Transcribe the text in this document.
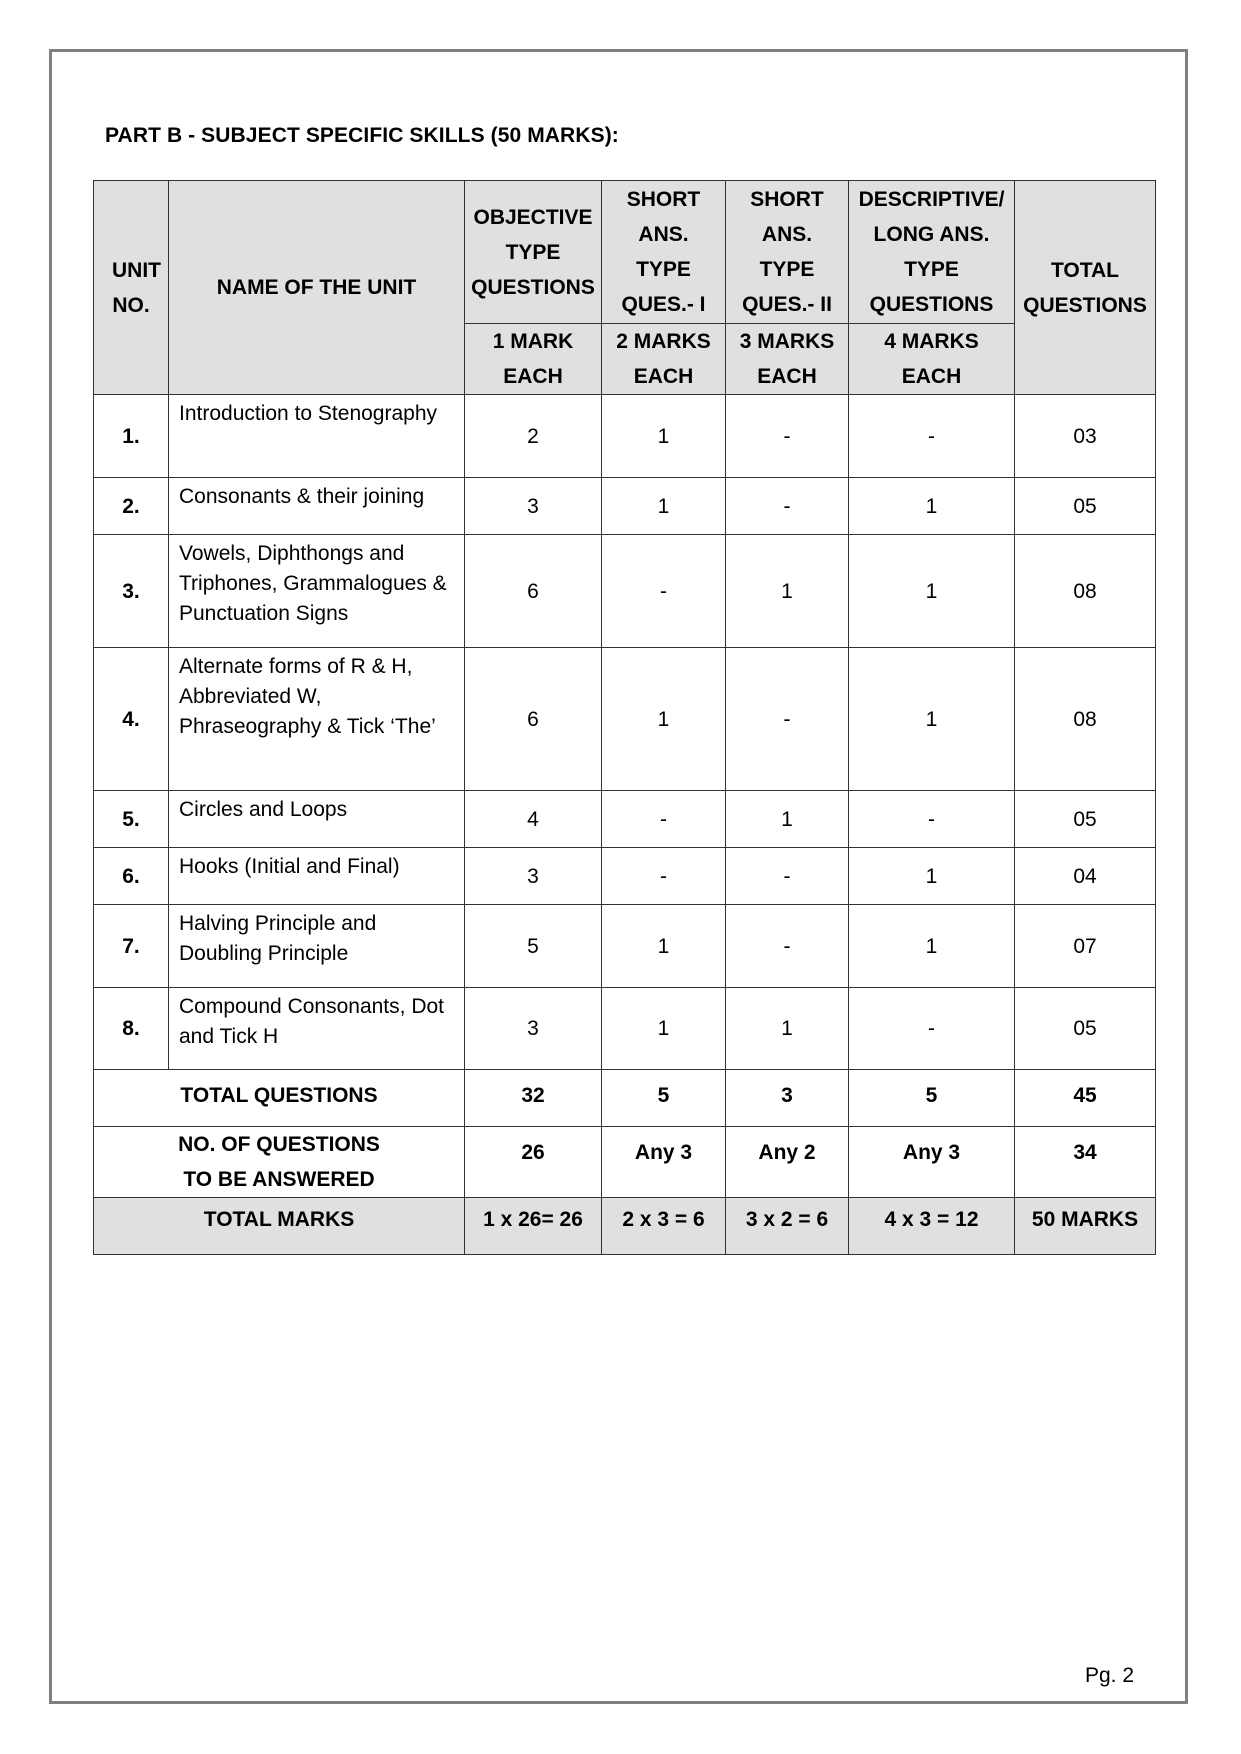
PART B - SUBJECT SPECIFIC SKILLS (50 MARKS):
UNIT NO.	NAME OF THE UNIT	OBJECTIVE TYPE QUESTIONS	SHORT ANS. TYPE QUES.- I	SHORT ANS. TYPE QUES.- II	DESCRIPTIVE/ LONG ANS. TYPE QUESTIONS	TOTAL QUESTIONS
		1 MARK EACH	2 MARKS EACH	3 MARKS EACH	4 MARKS EACH	
1.	Introduction to Stenography	2	1	-	-	03
2.	Consonants & their joining	3	1	-	1	05
3.	Vowels, Diphthongs and Triphones, Grammalogues & Punctuation Signs	6	-	1	1	08
4.	Alternate forms of R & H, Abbreviated W, Phraseography & Tick ‘The’	6	1	-	1	08
5.	Circles and Loops	4	-	1	-	05
6.	Hooks (Initial and Final)	3	-	-	1	04
7.	Halving Principle and Doubling Principle	5	1	-	1	07
8.	Compound Consonants, Dot and Tick H	3	1	1	-	05
TOTAL QUESTIONS		32	5	3	5	45

NO. OF QUESTIONS
TO BE ANSWERED		26	Any 3	Any 2	Any 3	34
TOTAL MARKS		1 x 26= 26	2 x 3 = 6	3 x 2 = 6	4 x 3 = 12	50 MARKS
Pg. 2
